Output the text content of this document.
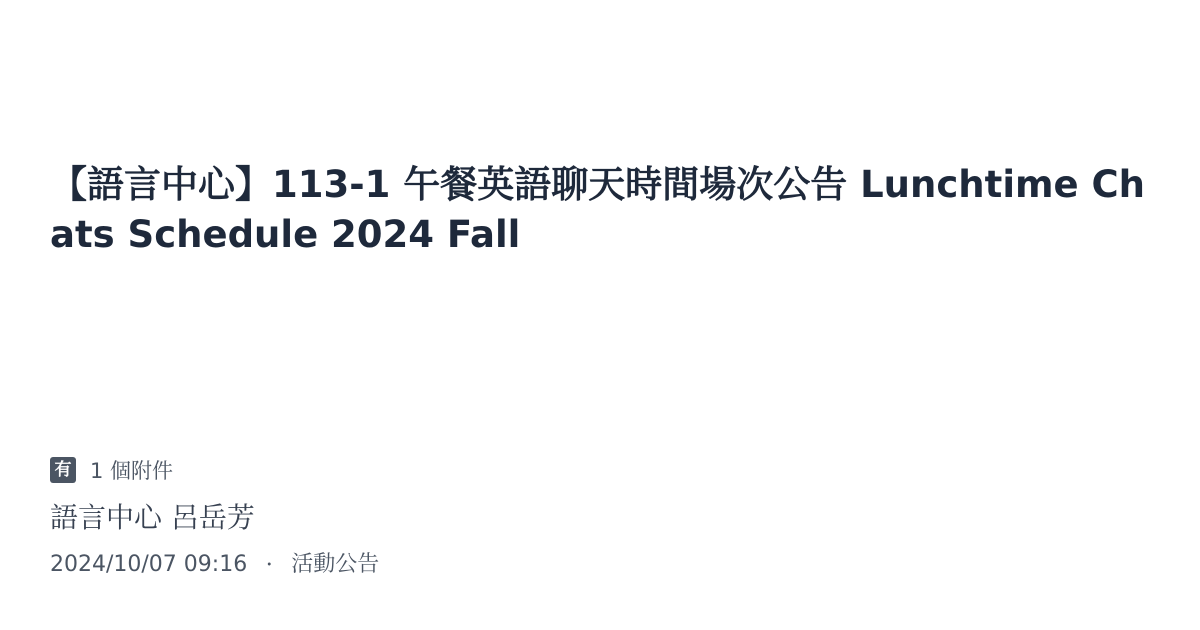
【語言中心】113-1 午餐英語聊天時間場次公告 Lunchtime Chats Schedule 2024 Fall
有 1 個附件
語言中心 呂岳芳
2024/10/07 09:16 ・ 活動公告
